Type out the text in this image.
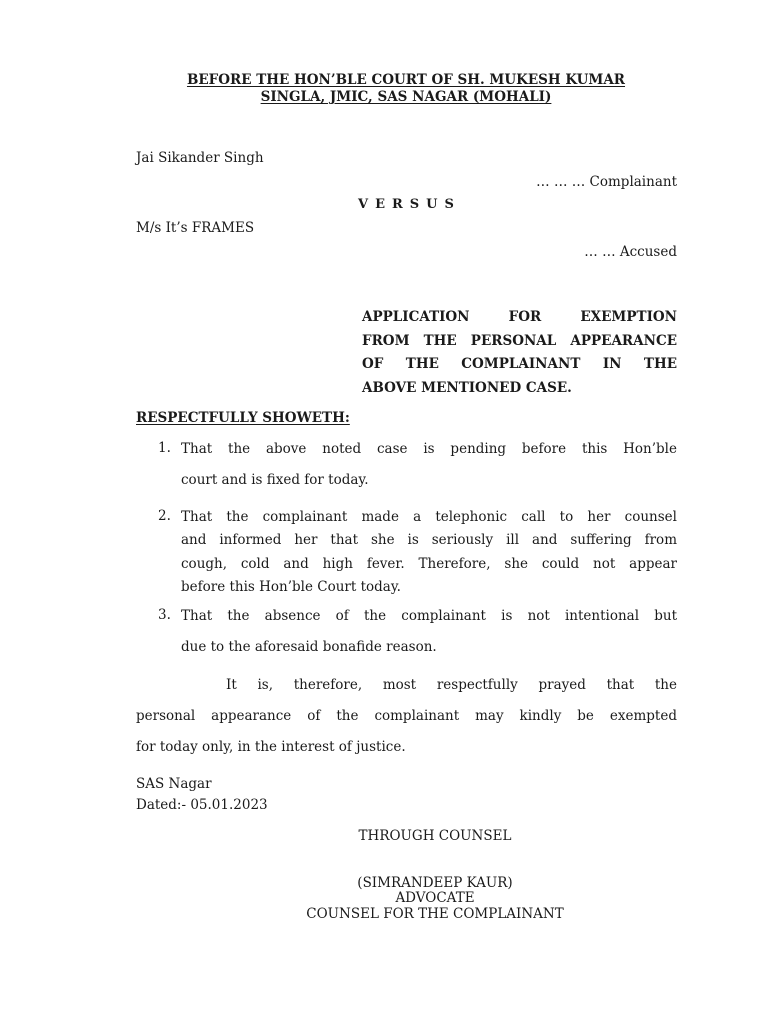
BEFORE THE HON’BLE COURT OF SH. MUKESH KUMAR
SINGLA, JMIC, SAS NAGAR (MOHALI)
Jai Sikander Singh
… … … Complainant
VERSUS
M/s It’s FRAMES
… … Accused
APPLICATION FOR EXEMPTION
FROM THE PERSONAL APPEARANCE
OF THE COMPLAINANT IN THE
ABOVE MENTIONED CASE.
RESPECTFULLY SHOWETH:
1. That the above noted case is pending before this Hon’ble
court and is fixed for today.
2. That the complainant made a telephonic call to her counsel
and informed her that she is seriously ill and suffering from
cough, cold and high fever. Therefore, she could not appear
before this Hon’ble Court today.
3. That the absence of the complainant is not intentional but
due to the aforesaid bonafide reason.
It is, therefore, most respectfully prayed that the
personal appearance of the complainant may kindly be exempted
for today only, in the interest of justice.
SAS Nagar
Dated:- 05.01.2023
THROUGH COUNSEL
(SIMRANDEEP KAUR)
ADVOCATE
COUNSEL FOR THE COMPLAINANT
